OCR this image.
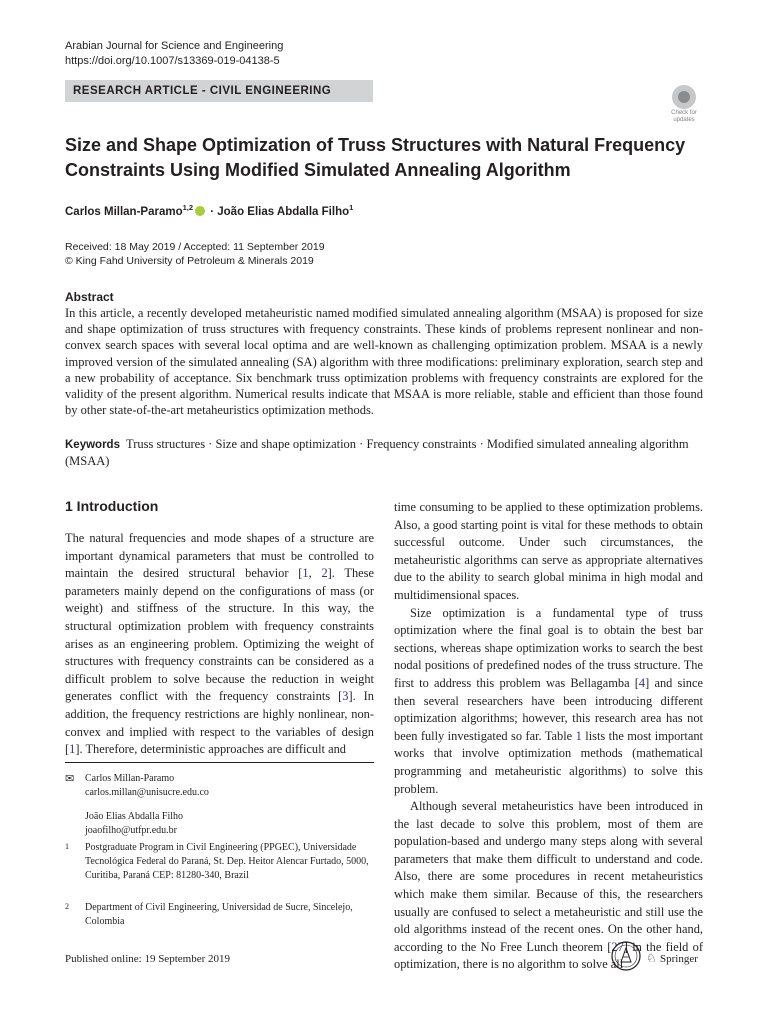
Arabian Journal for Science and Engineering
https://doi.org/10.1007/s13369-019-04138-5
RESEARCH ARTICLE - CIVIL ENGINEERING
Check for updates
Size and Shape Optimization of Truss Structures with Natural Frequency Constraints Using Modified Simulated Annealing Algorithm
Carlos Millan-Paramo$^{1,2}$ · João Elias Abdalla Filho$^1$
Received: 18 May 2019 / Accepted: 11 September 2019
© King Fahd University of Petroleum & Minerals 2019
Abstract
In this article, a recently developed metaheuristic named modified simulated annealing algorithm (MSAA) is proposed for size and shape optimization of truss structures with frequency constraints. These kinds of problems represent nonlinear and non-convex search spaces with several local optima and are well-known as challenging optimization problem. MSAA is a newly improved version of the simulated annealing (SA) algorithm with three modifications: preliminary exploration, search step and a new probability of acceptance. Six benchmark truss optimization problems with frequency constraints are explored for the validity of the present algorithm. Numerical results indicate that MSAA is more reliable, stable and efficient than those found by other state-of-the-art metaheuristics optimization methods.
Keywords Truss structures · Size and shape optimization · Frequency constraints · Modified simulated annealing algorithm (MSAA)
1 Introduction

The natural frequencies and mode shapes of a structure are important dynamical parameters that must be controlled to maintain the desired structural behavior [1, 2]. These parameters mainly depend on the configurations of mass (or weight) and stiffness of the structure. In this way, the structural optimization problem with frequency constraints arises as an engineering problem. Optimizing the weight of structures with frequency constraints can be considered as a difficult problem to solve because the reduction in weight generates conflict with the frequency constraints [3]. In addition, the frequency restrictions are highly nonlinear, non-convex and implied with respect to the variables of design [1]. Therefore, deterministic approaches are difficult and

time consuming to be applied to these optimization problems. Also, a good starting point is vital for these methods to obtain successful outcome. Under such circumstances, the metaheuristic algorithms can serve as appropriate alternatives due to the ability to search global minima in high modal and multidimensional spaces.

Size optimization is a fundamental type of truss optimization where the final goal is to obtain the best bar sections, whereas shape optimization works to search the best nodal positions of predefined nodes of the truss structure. The first to address this problem was Bellagamba [4] and since then several researchers have been introducing different optimization algorithms; however, this research area has not been fully investigated so far. Table 1 lists the most important works that involve optimization methods (mathematical programming and metaheuristic algorithms) to solve this problem.

Although several metaheuristics have been introduced in the last decade to solve this problem, most of them are population-based and undergo many steps along with several parameters that make them difficult to understand and code. Also, there are some procedures in recent metaheuristics which make them similar. Because of this, the researchers usually are confused to select a metaheuristic and still use the old algorithms instead of the recent ones. On the other hand, according to the No Free Lunch theorem [27] in the field of optimization, there is no algorithm to solve all

✉	Carlos Millan-Paramo
carlos.millan@unisucre.edu.co
João Elias Abdalla Filho
joaofilho@utfpr.edu.br
1 Postgraduate Program in Civil Engineering (PPGEC), Universidade Tecnológica Federal do Paraná, St. Dep. Heitor Alencar Furtado, 5000, Curitiba, Paraná CEP: 81280-340, Brazil
2 Department of Civil Engineering, Universidad de Sucre, Sincelejo, Colombia
Published online: 19 September 2019	♘ Springer
